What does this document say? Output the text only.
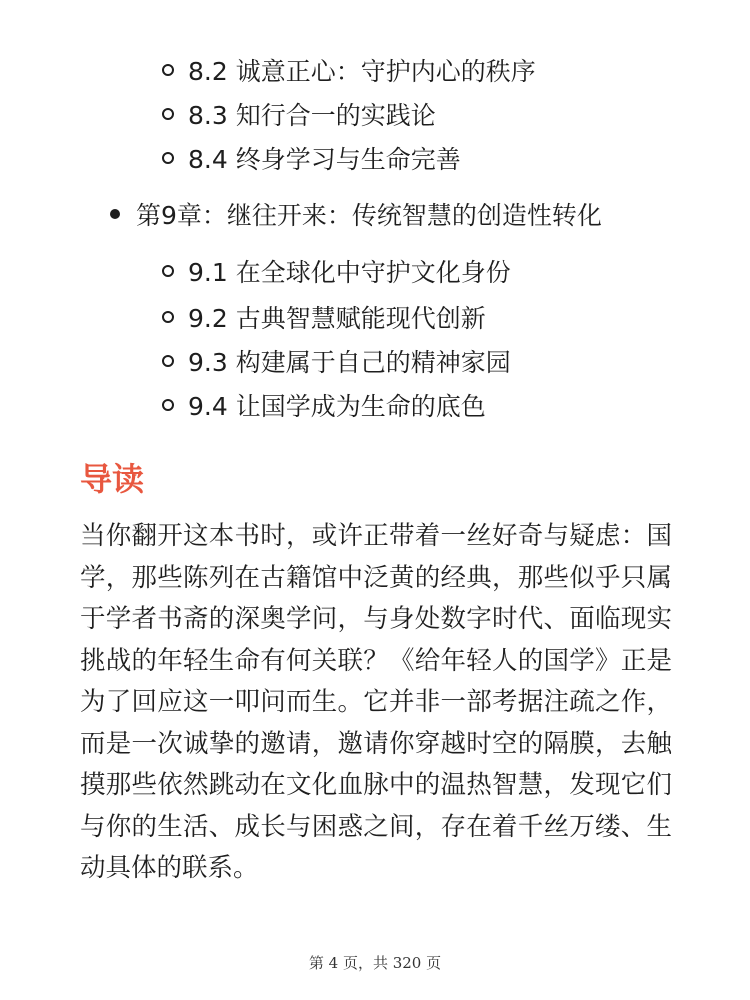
8.2 诚意正心：守护内心的秩序
8.3 知行合一的实践论
8.4 终身学习与生命完善
第9章：继往开来：传统智慧的创造性转化
9.1 在全球化中守护文化身份
9.2 古典智慧赋能现代创新
9.3 构建属于自己的精神家园
9.4 让国学成为生命的底色
导读
当你翻开这本书时，或许正带着一丝好奇与疑虑：国学，那些陈列在古籍馆中泛黄的经典，那些似乎只属于学者书斋的深奥学问，与身处数字时代、面临现实挑战的年轻生命有何关联？《给年轻人的国学》正是为了回应这一叩问而生。它并非一部考据注疏之作，而是一次诚挚的邀请，邀请你穿越时空的隔膜，去触摸那些依然跳动在文化血脉中的温热智慧，发现它们与你的生活、成长与困惑之间，存在着千丝万缕、生动具体的联系。
第 4 页，共 320 页
